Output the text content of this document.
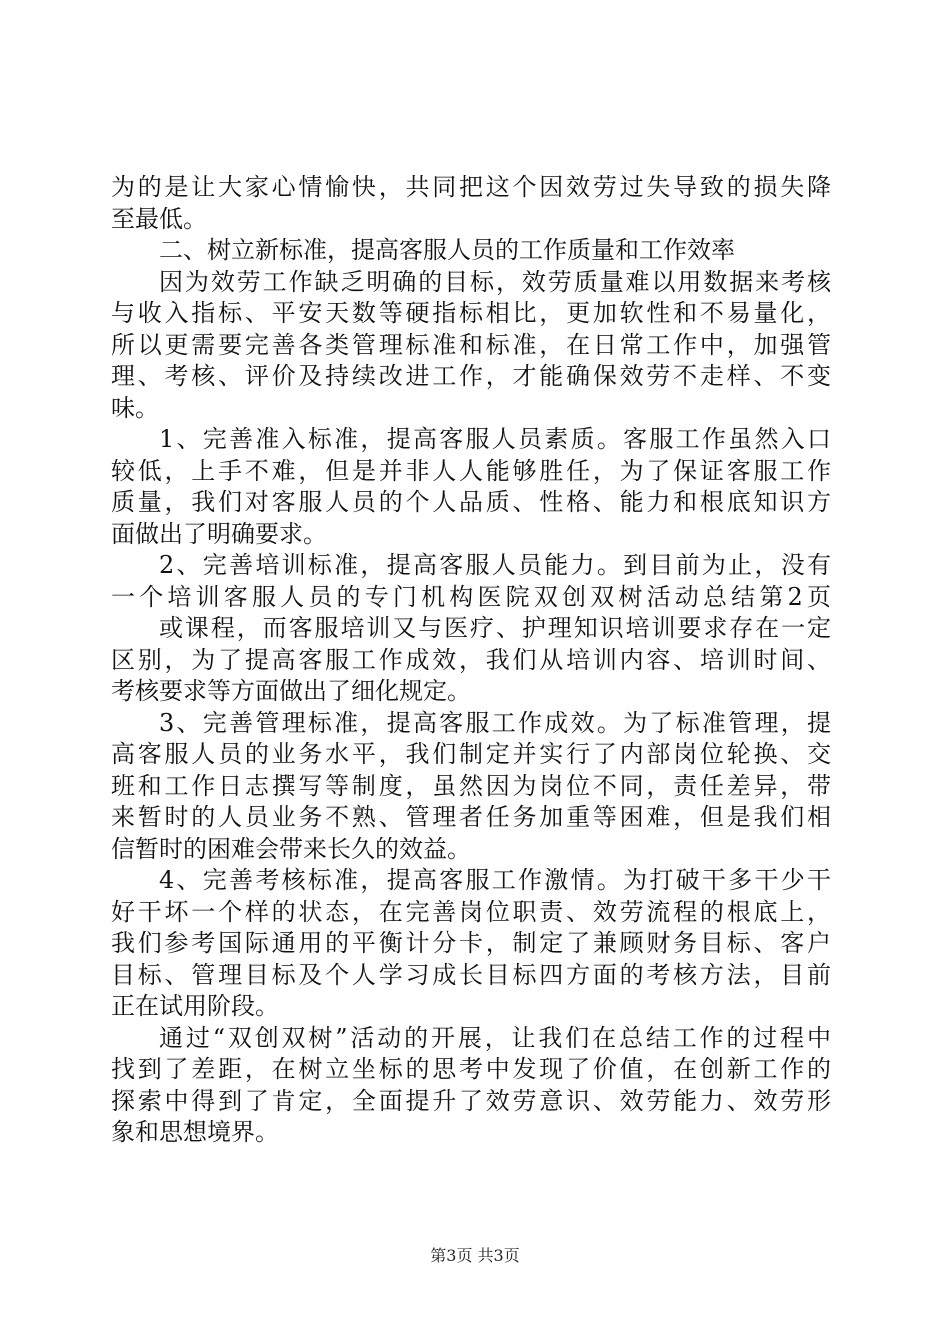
为的是让大家心情愉快，共同把这个因效劳过失导致的损失降
至最低。
二、树立新标准，提高客服人员的工作质量和工作效率
因为效劳工作缺乏明确的目标，效劳质量难以用数据来考核
与收入指标、平安天数等硬指标相比，更加软性和不易量化，
所以更需要完善各类管理标准和标准，在日常工作中，加强管
理、考核、评价及持续改进工作，才能确保效劳不走样、不变
味。
1、完善准入标准，提高客服人员素质。客服工作虽然入口
较低，上手不难，但是并非人人能够胜任，为了保证客服工作
质量，我们对客服人员的个人品质、性格、能力和根底知识方
面做出了明确要求。
2、完善培训标准，提高客服人员能力。到目前为止，没有
一个培训客服人员的专门机构医院双创双树活动总结第2页
或课程，而客服培训又与医疗、护理知识培训要求存在一定
区别，为了提高客服工作成效，我们从培训内容、培训时间、
考核要求等方面做出了细化规定。
3、完善管理标准，提高客服工作成效。为了标准管理，提
高客服人员的业务水平，我们制定并实行了内部岗位轮换、交
班和工作日志撰写等制度，虽然因为岗位不同，责任差异，带
来暂时的人员业务不熟、管理者任务加重等困难，但是我们相
信暂时的困难会带来长久的效益。
4、完善考核标准，提高客服工作激情。为打破干多干少干
好干坏一个样的状态，在完善岗位职责、效劳流程的根底上，
我们参考国际通用的平衡计分卡，制定了兼顾财务目标、客户
目标、管理目标及个人学习成长目标四方面的考核方法，目前
正在试用阶段。
通过“双创双树”活动的开展，让我们在总结工作的过程中
找到了差距，在树立坐标的思考中发现了价值，在创新工作的
探索中得到了肯定，全面提升了效劳意识、效劳能力、效劳形
象和思想境界。
第3页 共3页
